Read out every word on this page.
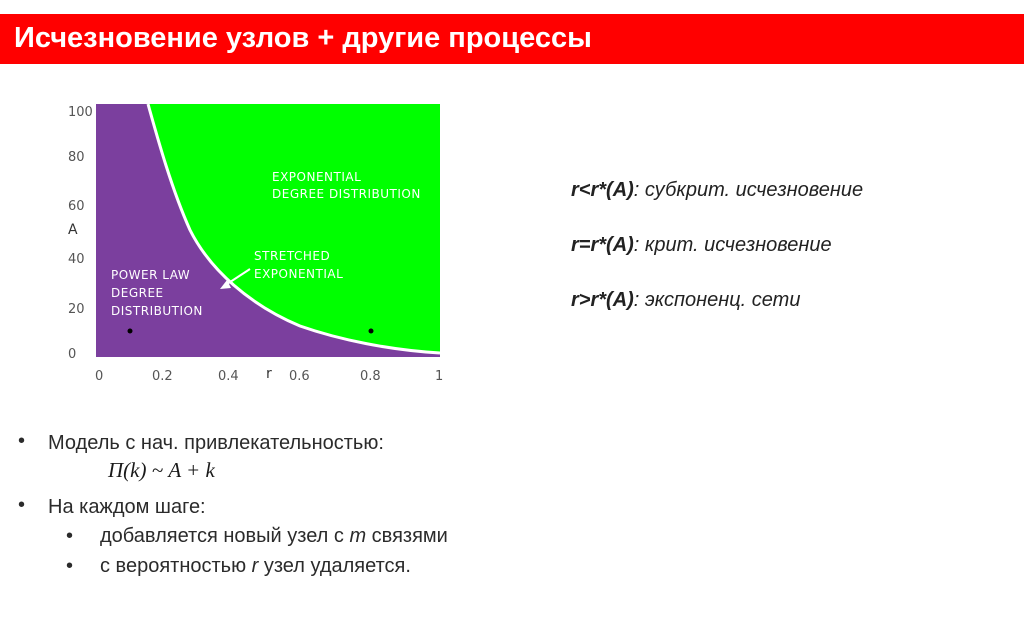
Исчезновение узлов + другие процессы
100
80
60
A
40
20
0
0	0.2	0.4 r 0.6	0.8	1
EXPONENTIAL
DEGREE DISTRIBUTION
STRETCHED
EXPONENTIAL
POWER LAW
DEGREE
DISTRIBUTION
r<r*(A): субкрит. исчезновение
r=r*(A): крит. исчезновение
r>r*(A): экспоненц. сети
• Модель с нач. привлекательностью:
Π(k) ~ A + k
• На каждом шаге:
• добавляется новый узел с m связями
• с вероятностью r узел удаляется.
